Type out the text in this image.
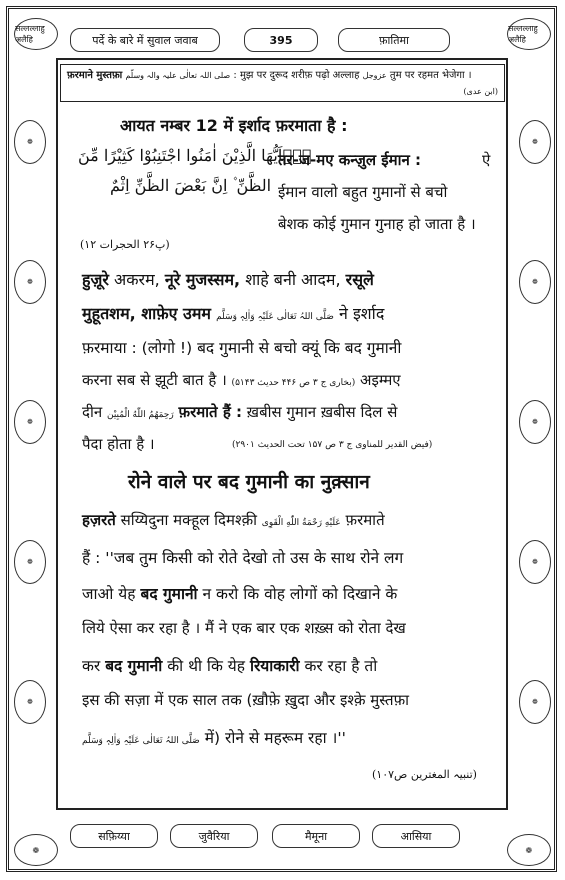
सल्लल्लाहु अलैहि	पर्दे के बारे में सुवाल जवाब	395	फ़ातिमा
सल्लल्लाहु अलैहि
❁
❁
❁
❁
❁
❁
❁
❁
❁
❁
फ़रमाने मुस्तफ़ा صلی اللہ تعالٰی علیہ والہ وسلّم : मुझ पर दुरूद शरीफ़ पढ़ो अल्लाह عزوجل तुम पर रहमत भेजेगा ।
(ابن عدی)
आयत नम्बर 12 में इर्शाद फ़रमाता है :
يٰۤاَيُّهَا الَّذِيْنَ اٰمَنُوا اجْتَنِبُوْا كَثِيْرًا مِّنَ
الظَّنِّ ۫ اِنَّ بَعْضَ الظَّنِّ اِثْمٌ
(پ۲۶ الحجرات ۱۲)
तर-ज-मए कन्ज़ुल ईमान :	ऐ
ईमान वालो बहुत गुमानों से बचो
बेशक कोई गुमान गुनाह हो जाता है ।
हुज़ूरे अकरम, नूरे मुजस्सम, शाहे बनी आदम, रसूले
मुहूतशम, शाफ़ेए उमम صَلَّی اللہُ تَعَالٰی عَلَیْہِ وَاٰلِہٖ وَسَلَّم ने इर्शाद
फ़रमाया : (लोगो !) बद गुमानी से बचो क्यूं कि बद गुमानी
करना सब से झूटी बात है । (بخاری ج ۳ ص ۴۴۶ حدیث ۵۱۴۳) अइम्मए
दीन رَحِمَهُمُ اللّٰهُ الْمُبِيْن फ़रमाते हैं : ख़बीस गुमान ख़बीस दिल से
पैदा होता है ।	(فیض القدیر للمناوی ج ۳ ص ۱۵۷ تحت الحدیث ۲۹۰۱)
रोने वाले पर बद गुमानी का नुक़्सान
हज़रते सय्यिदुना मक्हूल दिमश्क़ी عَلَيْهِ رَحْمَةُ اللّٰهِ الْقَوِى फ़रमाते
हैं : ''जब तुम किसी को रोते देखो तो उस के साथ रोने लग
जाओ येह बद गुमानी न करो कि वोह लोगों को दिखाने के
लिये ऐसा कर रहा है । मैं ने एक बार एक शख़्स को रोता देख
कर बद गुमानी की थी कि येह रियाकारी कर रहा है तो
इस की सज़ा में एक साल तक (ख़ौफ़े ख़ुदा और इश्क़े मुस्तफ़ा
صَلَّی اللہُ تَعَالٰی عَلَیْہِ وَاٰلِہٖ وَسَلَّم में) रोने से महरूम रहा ।''
(تنبیہ المغترین ص۱۰۷)
❁
सफ़िय्या	जुवैरिया	मैमूना	आसिया
❁
